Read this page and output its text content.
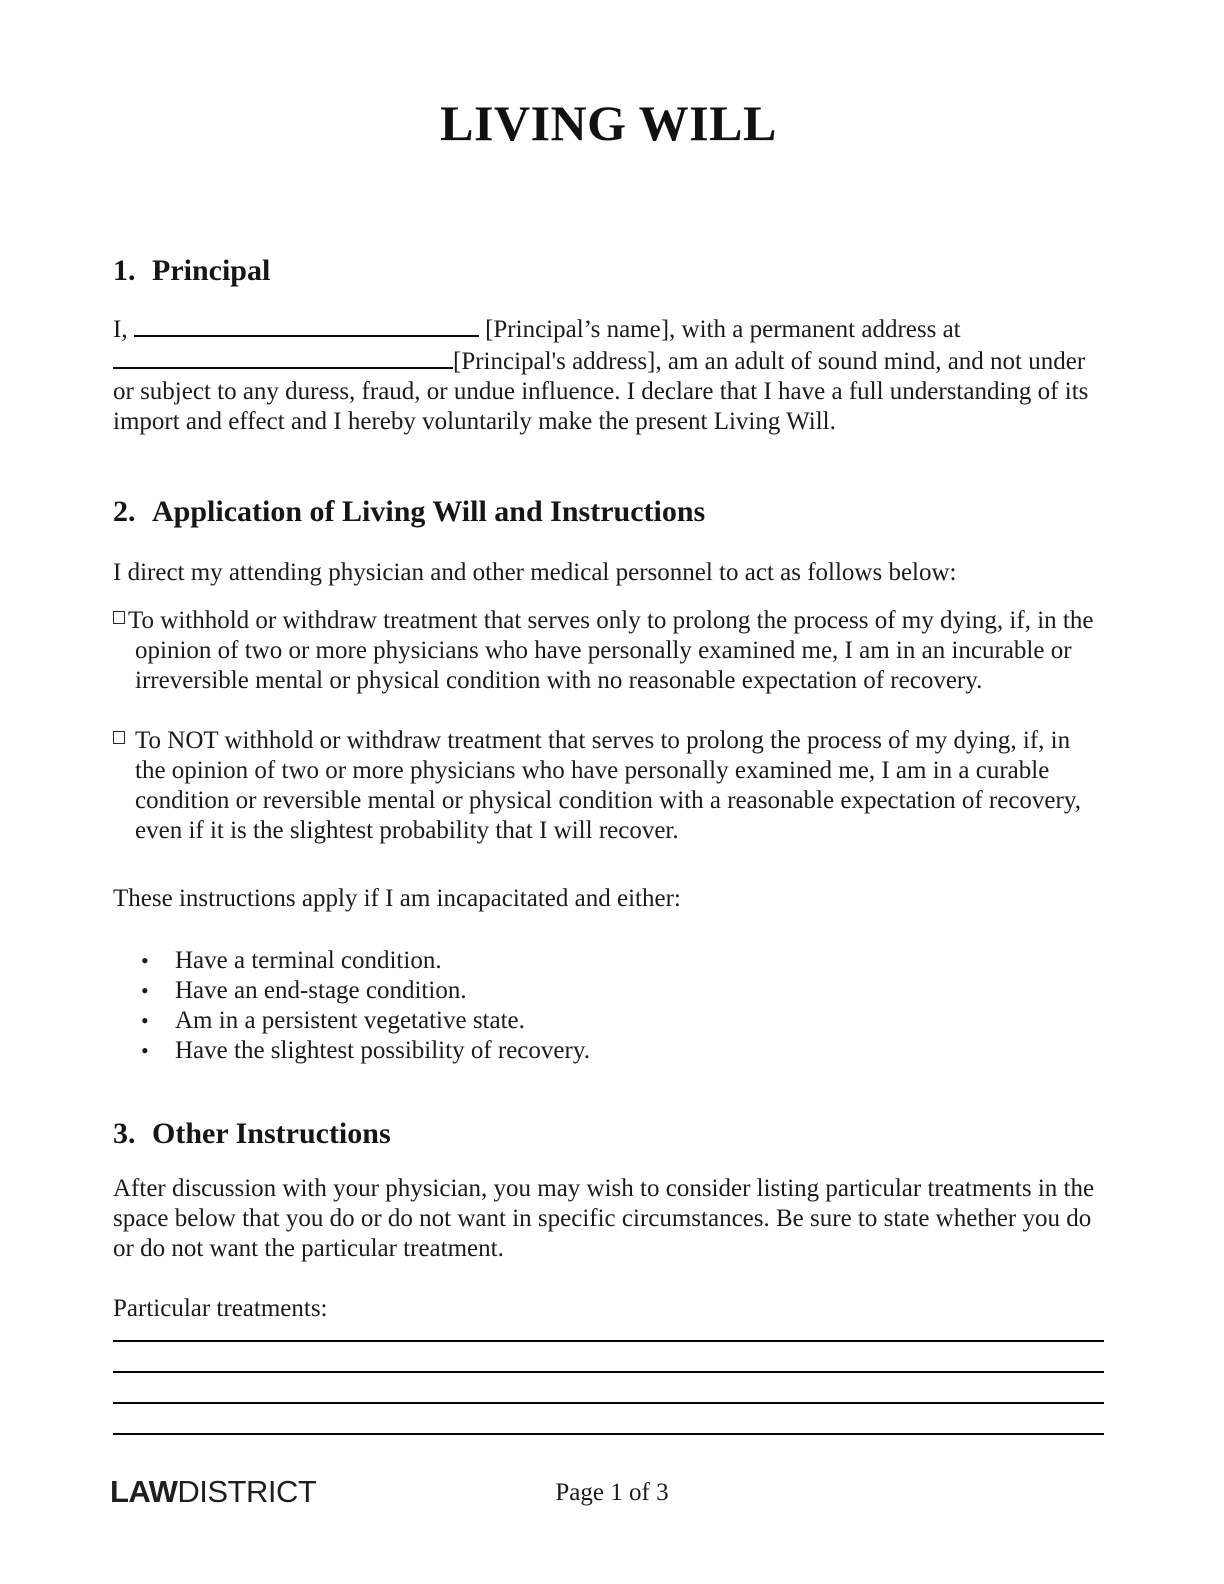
LIVING WILL
1. Principal

I,	[Principal’s name], with a permanent address at [Principal's address], am an adult of sound mind, and not under or subject to any duress, fraud, or undue influence. I declare that I have a full understanding of its import and effect and I hereby voluntarily make the present Living Will.

2. Application of Living Will and Instructions

I direct my attending physician and other medical personnel to act as follows below:

To withhold or withdraw treatment that serves only to prolong the process of my dying, if, in the opinion of two or more physicians who have personally examined me, I am in an incurable or irreversible mental or physical condition with no reasonable expectation of recovery.

To NOT withhold or withdraw treatment that serves to prolong the process of my dying, if, in the opinion of two or more physicians who have personally examined me, I am in a curable condition or reversible mental or physical condition with a reasonable expectation of recovery, even if it is the slightest probability that I will recover.

These instructions apply if I am incapacitated and either:

• Have a terminal condition.
• Have an end-stage condition.
• Am in a persistent vegetative state.
• Have the slightest possibility of recovery.
3. Other Instructions

After discussion with your physician, you may wish to consider listing particular treatments in the space below that you do or do not want in specific circumstances. Be sure to state whether you do or do not want the particular treatment.

Particular treatments:

LAWDISTRICT	Page 1 of 3
